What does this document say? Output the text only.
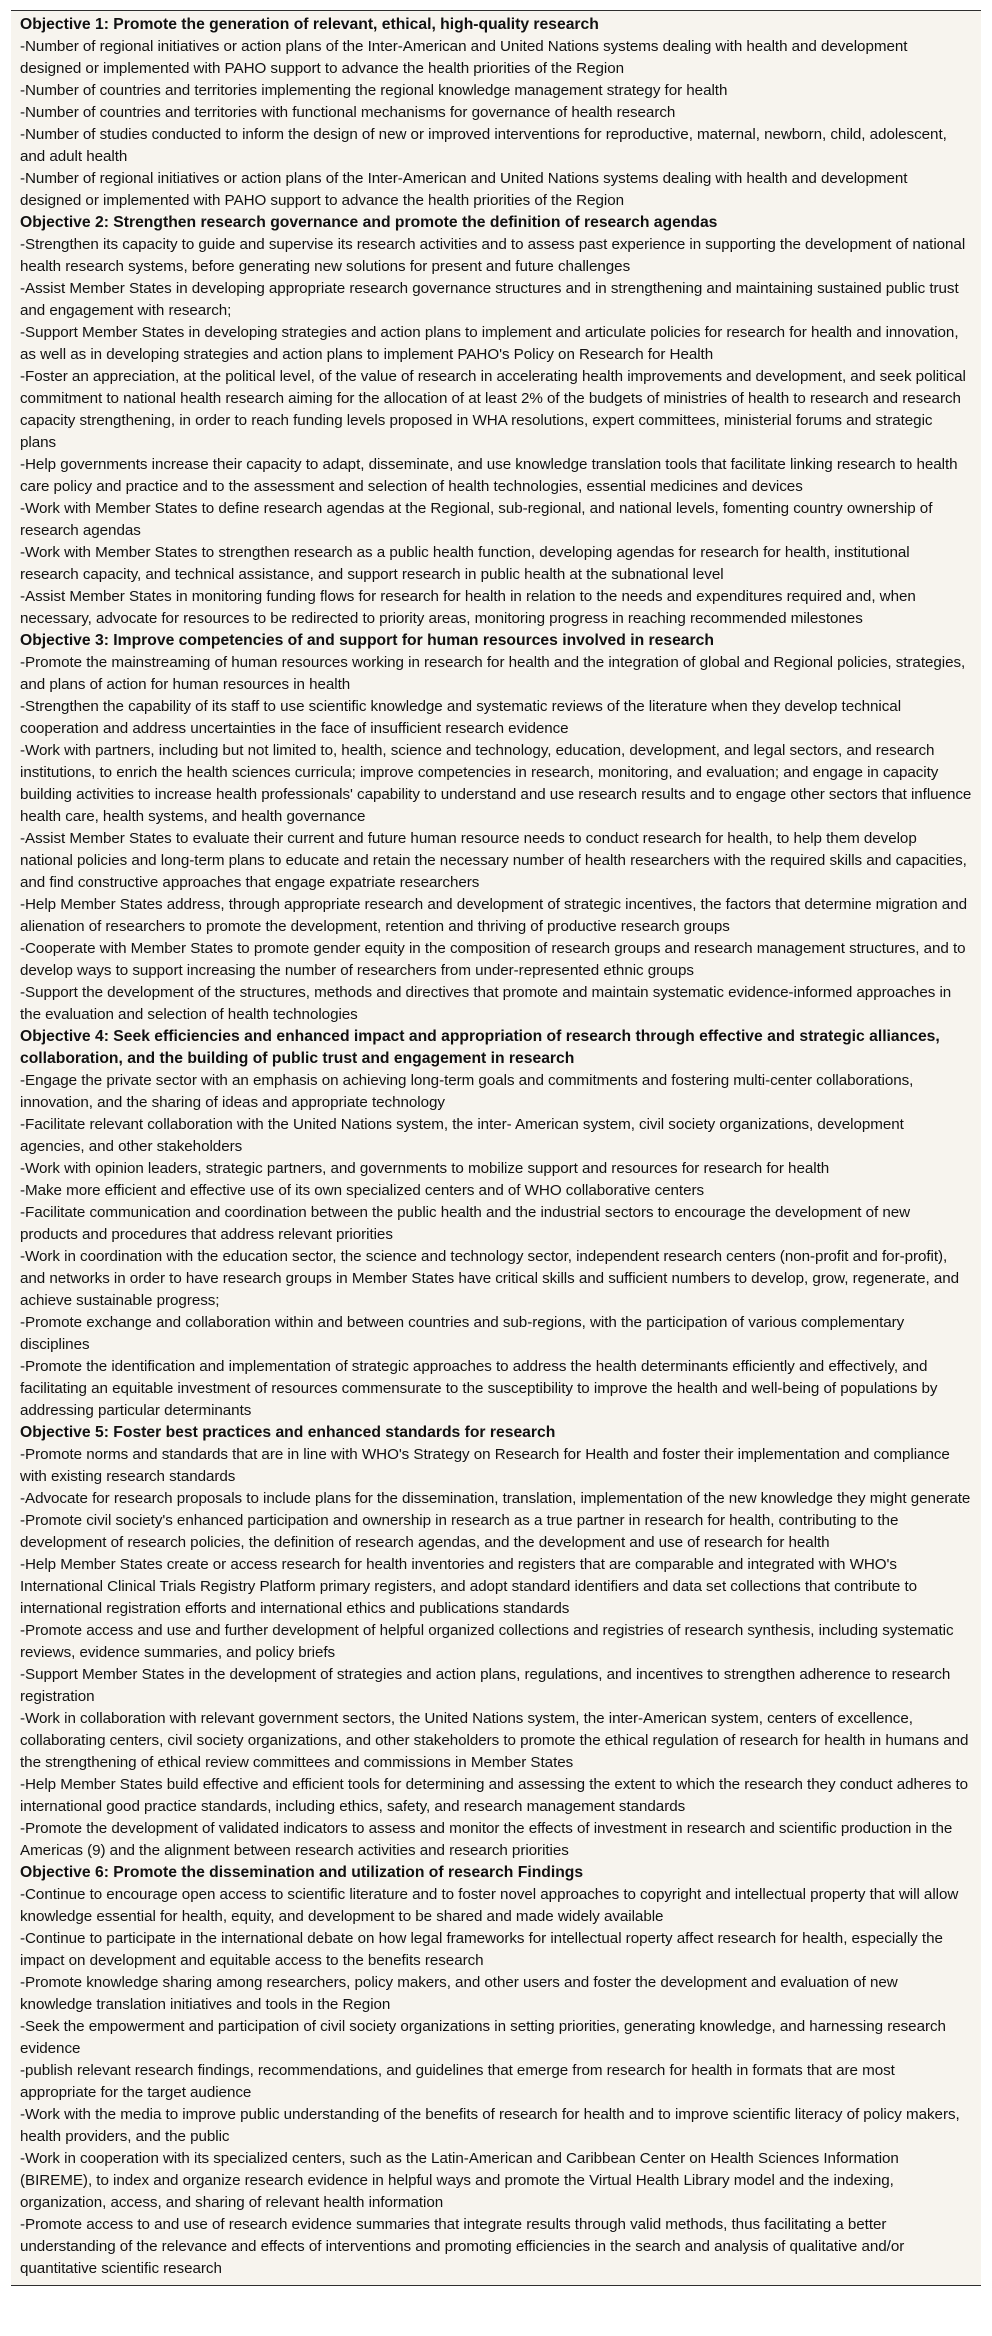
Objective 1: Promote the generation of relevant, ethical, high-quality research

-Number of regional initiatives or action plans of the Inter-American and United Nations systems dealing with health and development designed or implemented with PAHO support to advance the health priorities of the Region

-Number of countries and territories implementing the regional knowledge management strategy for health

-Number of countries and territories with functional mechanisms for governance of health research

-Number of studies conducted to inform the design of new or improved interventions for reproductive, maternal, newborn, child, adolescent, and adult health

-Number of regional initiatives or action plans of the Inter-American and United Nations systems dealing with health and development designed or implemented with PAHO support to advance the health priorities of the Region

Objective 2: Strengthen research governance and promote the definition of research agendas

-Strengthen its capacity to guide and supervise its research activities and to assess past experience in supporting the development of national health research systems, before generating new solutions for present and future challenges

-Assist Member States in developing appropriate research governance structures and in strengthening and maintaining sustained public trust and engagement with research;

-Support Member States in developing strategies and action plans to implement and articulate policies for research for health and innovation, as well as in developing strategies and action plans to implement PAHO's Policy on Research for Health

-Foster an appreciation, at the political level, of the value of research in accelerating health improvements and development, and seek political commitment to national health research aiming for the allocation of at least 2% of the budgets of ministries of health to research and research capacity strengthening, in order to reach funding levels proposed in WHA resolutions, expert committees, ministerial forums and strategic plans

-Help governments increase their capacity to adapt, disseminate, and use knowledge translation tools that facilitate linking research to health care policy and practice and to the assessment and selection of health technologies, essential medicines and devices

-Work with Member States to define research agendas at the Regional, sub-regional, and national levels, fomenting country ownership of research agendas

-Work with Member States to strengthen research as a public health function, developing agendas for research for health, institutional research capacity, and technical assistance, and support research in public health at the subnational level

-Assist Member States in monitoring funding flows for research for health in relation to the needs and expenditures required and, when necessary, advocate for resources to be redirected to priority areas, monitoring progress in reaching recommended milestones

Objective 3: Improve competencies of and support for human resources involved in research

-Promote the mainstreaming of human resources working in research for health and the integration of global and Regional policies, strategies, and plans of action for human resources in health

-Strengthen the capability of its staff to use scientific knowledge and systematic reviews of the literature when they develop technical cooperation and address uncertainties in the face of insufficient research evidence

-Work with partners, including but not limited to, health, science and technology, education, development, and legal sectors, and research institutions, to enrich the health sciences curricula; improve competencies in research, monitoring, and evaluation; and engage in capacity building activities to increase health professionals' capability to understand and use research results and to engage other sectors that influence health care, health systems, and health governance

-Assist Member States to evaluate their current and future human resource needs to conduct research for health, to help them develop national policies and long-term plans to educate and retain the necessary number of health researchers with the required skills and capacities, and find constructive approaches that engage expatriate researchers

-Help Member States address, through appropriate research and development of strategic incentives, the factors that determine migration and alienation of researchers to promote the development, retention and thriving of productive research groups

-Cooperate with Member States to promote gender equity in the composition of research groups and research management structures, and to develop ways to support increasing the number of researchers from under-represented ethnic groups

-Support the development of the structures, methods and directives that promote and maintain systematic evidence-informed approaches in the evaluation and selection of health technologies

Objective 4: Seek efficiencies and enhanced impact and appropriation of research through effective and strategic alliances, collaboration, and the building of public trust and engagement in research

-Engage the private sector with an emphasis on achieving long-term goals and commitments and fostering multi-center collaborations, innovation, and the sharing of ideas and appropriate technology

-Facilitate relevant collaboration with the United Nations system, the inter- American system, civil society organizations, development agencies, and other stakeholders

-Work with opinion leaders, strategic partners, and governments to mobilize support and resources for research for health

-Make more efficient and effective use of its own specialized centers and of WHO collaborative centers

-Facilitate communication and coordination between the public health and the industrial sectors to encourage the development of new products and procedures that address relevant priorities

-Work in coordination with the education sector, the science and technology sector, independent research centers (non-profit and for-profit), and networks in order to have research groups in Member States have critical skills and sufficient numbers to develop, grow, regenerate, and achieve sustainable progress;

-Promote exchange and collaboration within and between countries and sub-regions, with the participation of various complementary disciplines

-Promote the identification and implementation of strategic approaches to address the health determinants efficiently and effectively, and facilitating an equitable investment of resources commensurate to the susceptibility to improve the health and well-being of populations by addressing particular determinants

Objective 5: Foster best practices and enhanced standards for research

-Promote norms and standards that are in line with WHO's Strategy on Research for Health and foster their implementation and compliance with existing research standards

-Advocate for research proposals to include plans for the dissemination, translation, implementation of the new knowledge they might generate

-Promote civil society's enhanced participation and ownership in research as a true partner in research for health, contributing to the development of research policies, the definition of research agendas, and the development and use of research for health

-Help Member States create or access research for health inventories and registers that are comparable and integrated with WHO's International Clinical Trials Registry Platform primary registers, and adopt standard identifiers and data set collections that contribute to international registration efforts and international ethics and publications standards

-Promote access and use and further development of helpful organized collections and registries of research synthesis, including systematic reviews, evidence summaries, and policy briefs

-Support Member States in the development of strategies and action plans, regulations, and incentives to strengthen adherence to research registration

-Work in collaboration with relevant government sectors, the United Nations system, the inter-American system, centers of excellence, collaborating centers, civil society organizations, and other stakeholders to promote the ethical regulation of research for health in humans and the strengthening of ethical review committees and commissions in Member States

-Help Member States build effective and efficient tools for determining and assessing the extent to which the research they conduct adheres to international good practice standards, including ethics, safety, and research management standards

-Promote the development of validated indicators to assess and monitor the effects of investment in research and scientific production in the Americas (9) and the alignment between research activities and research priorities

Objective 6: Promote the dissemination and utilization of research Findings

-Continue to encourage open access to scientific literature and to foster novel approaches to copyright and intellectual property that will allow knowledge essential for health, equity, and development to be shared and made widely available

-Continue to participate in the international debate on how legal frameworks for intellectual roperty affect research for health, especially the impact on development and equitable access to the benefits research

-Promote knowledge sharing among researchers, policy makers, and other users and foster the development and evaluation of new knowledge translation initiatives and tools in the Region

-Seek the empowerment and participation of civil society organizations in setting priorities, generating knowledge, and harnessing research evidence

-publish relevant research findings, recommendations, and guidelines that emerge from research for health in formats that are most appropriate for the target audience

-Work with the media to improve public understanding of the benefits of research for health and to improve scientific literacy of policy makers, health providers, and the public

-Work in cooperation with its specialized centers, such as the Latin-American and Caribbean Center on Health Sciences Information (BIREME), to index and organize research evidence in helpful ways and promote the Virtual Health Library model and the indexing, organization, access, and sharing of relevant health information

-Promote access to and use of research evidence summaries that integrate results through valid methods, thus facilitating a better understanding of the relevance and effects of interventions and promoting efficiencies in the search and analysis of qualitative and/or quantitative scientific research
